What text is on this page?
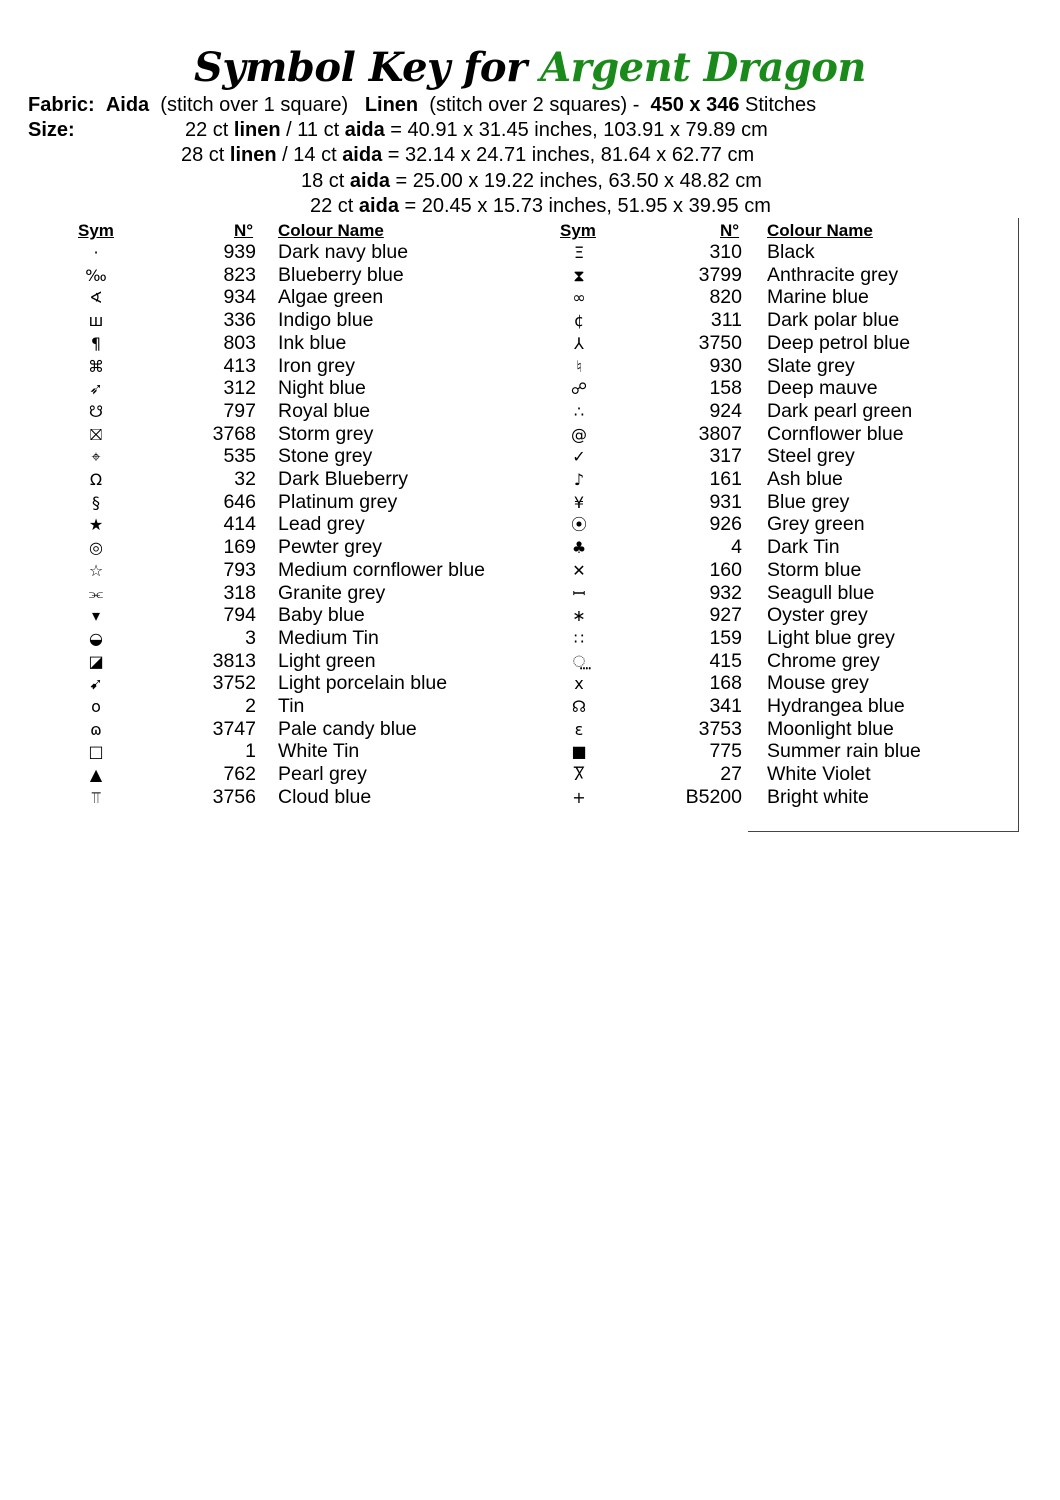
Symbol Key for Argent Dragon
Fabric: Aida (stitch over 1 square) Linen (stitch over 2 squares) - 450 x 346 Stitches
Size:	22 ct linen / 11 ct aida = 40.91 x 31.45 inches, 103.91 x 79.89 cm
28 ct linen / 14 ct aida = 32.14 x 24.71 inches, 81.64 x 62.77 cm
18 ct aida = 25.00 x 19.22 inches, 63.50 x 48.82 cm
22 ct aida = 20.45 x 15.73 inches, 51.95 x 39.95 cm
Sym	N° Colour Name	Sym	N° Colour Name
·	939 Dark navy blue
‰	823 Blueberry blue
∢	934 Algae green
ш	336 Indigo blue
¶	803 Ink blue
⌘	413 Iron grey
➶	312 Night blue
☋	797 Royal blue
⛝	3768 Storm grey
⌖	535 Stone grey
Ω	32 Dark Blueberry
§	646 Platinum grey
★	414 Lead grey
◎	169 Pewter grey
☆	793 Medium cornflower blue
⫘	318 Granite grey
▾	794 Baby blue
◒	3 Medium Tin
◪	3813 Light green
➹	3752 Light porcelain blue
o	2 Tin
ɷ	3747 Pale candy blue
□	1 White Tin
▲	762 Pearl grey
⫪	3756 Cloud blue
Ξ	310 Black
⧗	3799 Anthracite grey
∞	820 Marine blue
¢	311 Dark polar blue
⅄	3750 Deep petrol blue
♮	930 Slate grey
☍	158 Deep mauve
∴	924 Dark pearl green
@	3807 Cornflower blue
✓	317 Steel grey
♪	161 Ash blue
¥	931 Blue grey
⦿	926 Grey green
♣	4 Dark Tin
✕	160 Storm blue
ꟷ	932 Seagull blue
∗	927 Oyster grey
∷	159 Light blue grey
⵿	415 Chrome grey
x	168 Mouse grey
☊	341 Hydrangea blue
ε	3753 Moonlight blue
■	775 Summer rain blue
Ⴟ	27 White Violet
+	B5200 Bright white
